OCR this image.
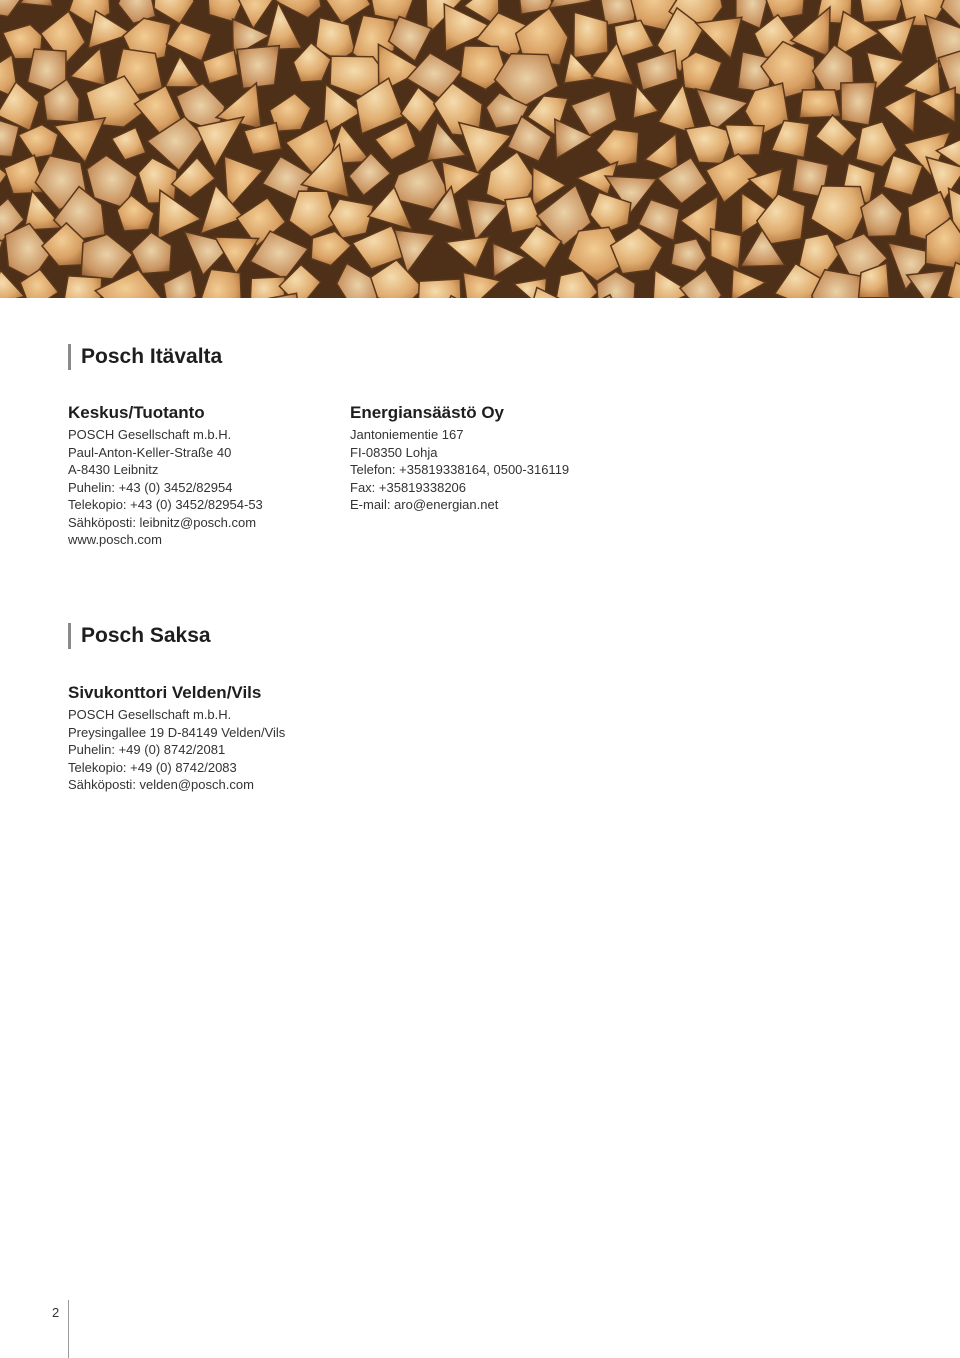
Posch Itävalta
Keskus/Tuotanto
POSCH Gesellschaft m.b.H.
Paul-Anton-Keller-Straße 40
A-8430 Leibnitz
Puhelin: +43 (0) 3452/82954
Telekopio: +43 (0) 3452/82954-53
Sähköposti: leibnitz@posch.com
www.posch.com
Energiansäästö Oy
Jantoniementie 167
FI-08350 Lohja
Telefon: +35819338164, 0500-316119
Fax: +35819338206
E-mail: aro@energian.net
Posch Saksa
Sivukonttori Velden/Vils
POSCH Gesellschaft m.b.H.
Preysingallee 19 D-84149 Velden/Vils
Puhelin: +49 (0) 8742/2081
Telekopio: +49 (0) 8742/2083
Sähköposti: velden@posch.com
2
